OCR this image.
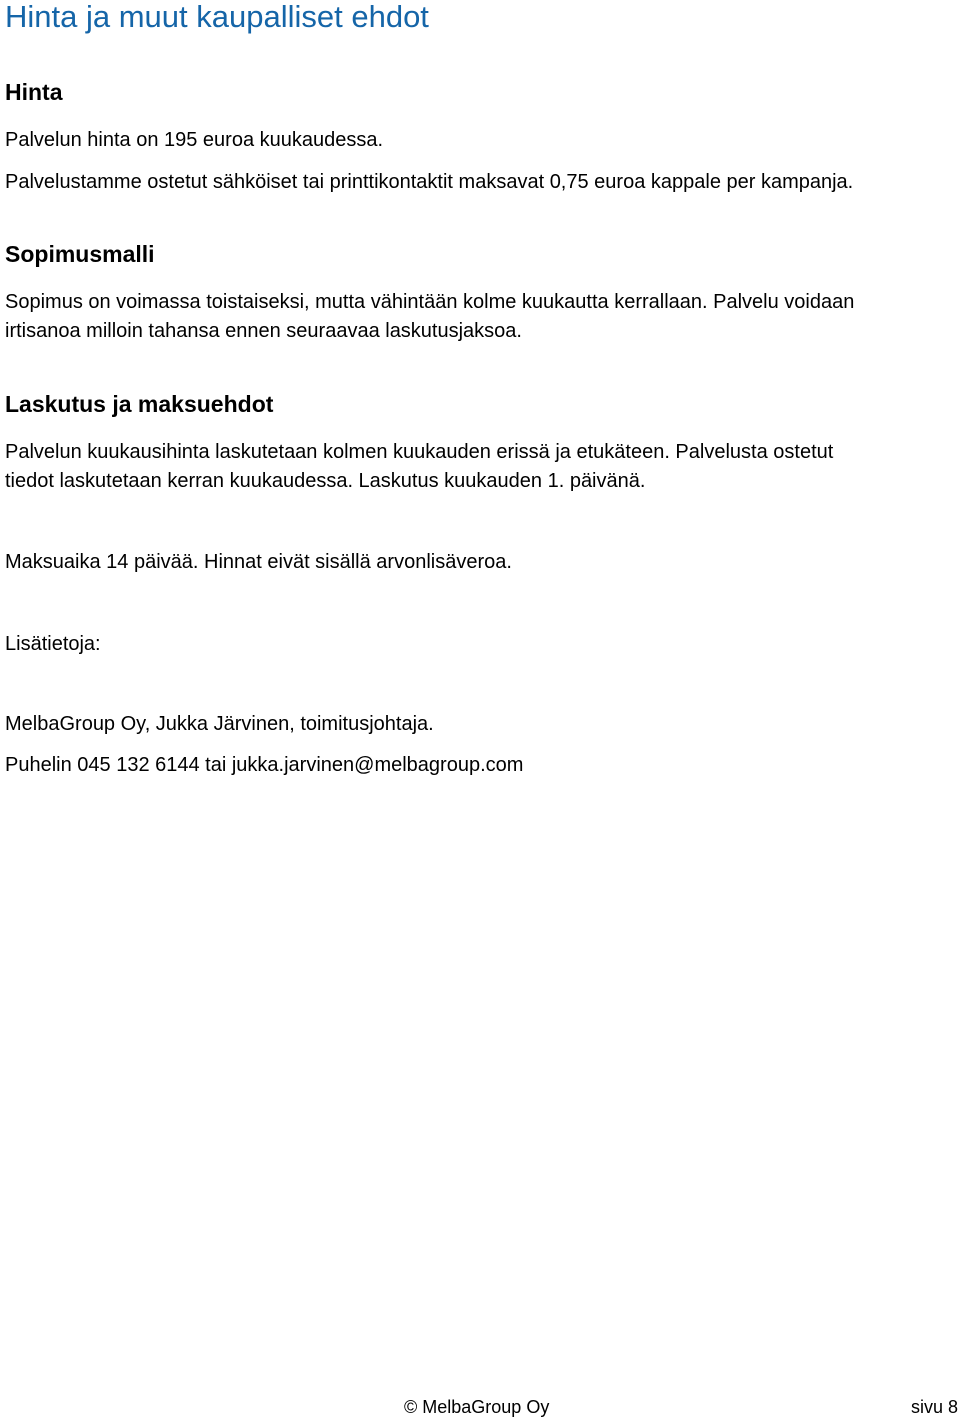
Hinta ja muut kaupalliset ehdot
Hinta

Palvelun hinta on 195 euroa kuukaudessa.

Palvelustamme ostetut sähköiset tai printtikontaktit maksavat 0,75 euroa kappale per kampanja.

Sopimusmalli

Sopimus on voimassa toistaiseksi, mutta vähintään kolme kuukautta kerrallaan. Palvelu voidaan

irtisanoa milloin tahansa ennen seuraavaa laskutusjaksoa.

Laskutus ja maksuehdot

Palvelun kuukausihinta laskutetaan kolmen kuukauden erissä ja etukäteen. Palvelusta ostetut

tiedot laskutetaan kerran kuukaudessa. Laskutus kuukauden 1. päivänä.

Maksuaika 14 päivää. Hinnat eivät sisällä arvonlisäveroa.

Lisätietoja:

MelbaGroup Oy, Jukka Järvinen, toimitusjohtaja.

Puhelin 045 132 6144 tai jukka.jarvinen@melbagroup.com

© MelbaGroup Oy	sivu 8
